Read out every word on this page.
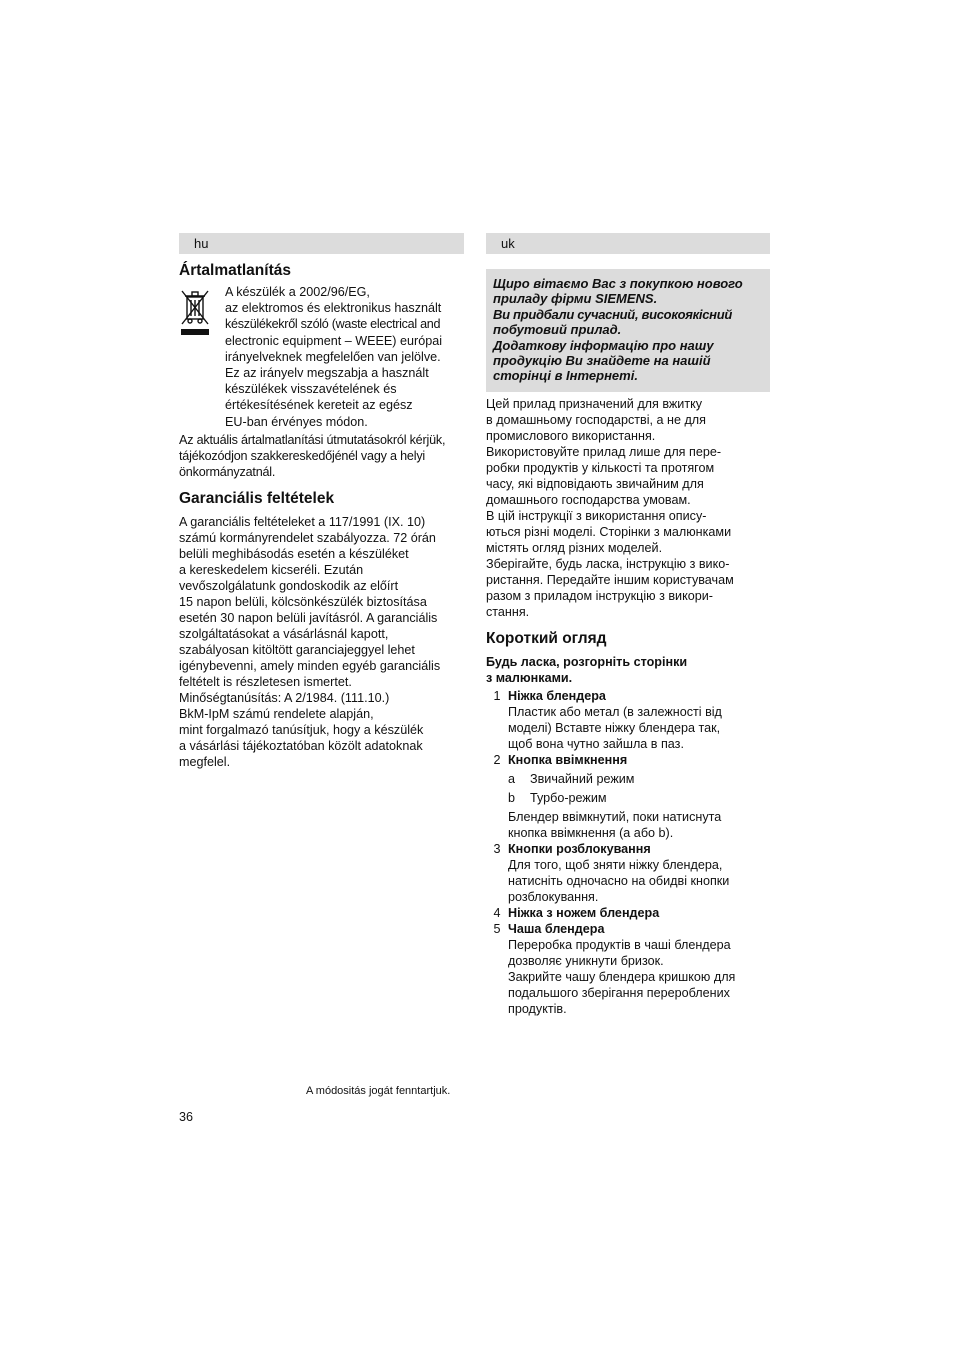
hu
Ártalmatlanítás
A készülék a 2002/96/EG,
az elektromos és elektronikus használt
készülékekről szóló (waste electrical and
electronic equipment – WEEE) európai
irányelveknek megfelelően van jelölve.
Ez az irányelv megszabja a használt
készülékek visszavételének és
értékesítésének kereteit az egész
EU-ban érvényes módon.

Az aktuális ártalmatlanítási útmutatásokról kérjük,
tájékozódjon szakkereskedőjénél vagy a helyi
önkormányzatnál.

Garanciális feltételek

A garanciális feltételeket a 117/1991 (IX. 10)
számú kormányrendelet szabályozza. 72 órán
belüli meghibásodás esetén a készüléket
a kereskedelem kicseréli. Ezután
vevőszolgálatunk gondoskodik az előírt
15 napon belüli, kölcsönkészülék biztosítása
esetén 30 napon belüli javításról. A garanciális
szolgáltatásokat a vásárlásnál kapott,
szabályosan kitöltött garanciajeggyel lehet
igénybevenni, amely minden egyéb garanciális
feltételt is részletesen ismertet.
Minőségtanúsítás: A 2/1984. (111.10.)
BkM-IpM számú rendelete alapján,
mint forgalmazó tanúsítjuk, hogy a készülék
a vásárlási tájékoztatóban közölt adatoknak
megfelel.

uk
Щиро вітаємо Вас з покупкою нового
приладу фірми SIEMENS.
Ви придбали сучасний, високоякісний
побутовий прилад.
Додаткову інформацію про нашу
продукцію Ви знайдете на нашій
сторінці в Інтернеті.

Цей прилад призначений для вжитку
в домашньому господарстві, а не для
промислового використання.

Використовуйте прилад лише для пере-
робки продуктів у кількості та протягом
часу, які відповідають звичайним для
домашнього господарства умовам.

В цій інструкції з використання опису-
ються різні моделі. Сторінки з малюнками
містять огляд різних моделей.

Зберігайте, будь ласка, інструкцію з вико-
ристання. Передайте іншим користувачам
разом з приладом інструкцію з викори-
стання.

Короткий огляд

Будь ласка, розгорніть сторінки
з малюнками.

1 Ніжка блендера
Пластик або метал (в залежності від
моделі) Вставте ніжку блендера так,
щоб вона чутно зайшла в паз.
2 Кнопка ввімкнення
a	Звичайний режим
b	Турбо-режим
Блендер ввімкнутий, поки натиснута
кнопка ввімкнення (a або b).
3 Кнопки розблокування
Для того, щоб зняти ніжку блендера,
натисніть одночасно на обидві кнопки
розблокування.
4 Ніжка з ножем блендера
5 Чаша блендера
Переробка продуктів в чаші блендера
дозволяє уникнути бризок.
Закрийте чашу блендера кришкою для
подальшого зберігання перероблених
продуктів.
A módositás jogát fenntartjuk.
36
